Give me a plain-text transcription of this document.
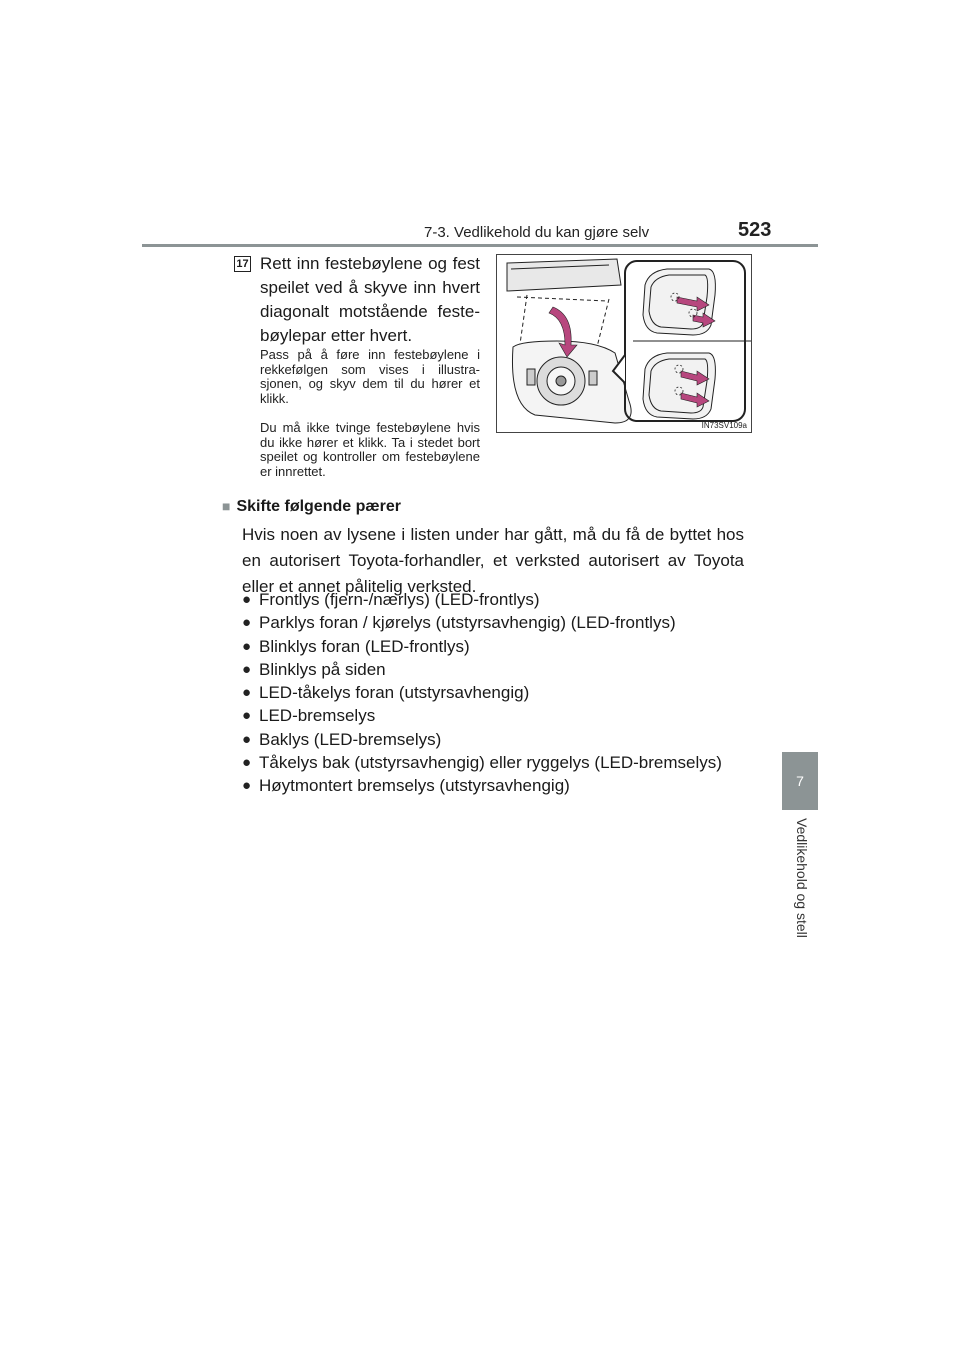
7-3. Vedlikehold du kan gjøre selv	523
7
Vedlikehold og stell
17 Rett inn festebøylene og fest speilet ved å skyve inn hvert diagonalt motstående feste-bøylepar etter hvert.
Pass på å føre inn festebøylene i rekkefølgen som vises i illustra-sjonen, og skyv dem til du hører et klikk.
Du må ikke tvinge festebøylene hvis du ikke hører et klikk. Ta i stedet bort speilet og kontroller om festebøylene er innrettet.
IN73SV109a
■ Skifte følgende pærer
Hvis noen av lysene i listen under har gått, må du få de byttet hos en autorisert Toyota-forhandler, et verksted autorisert av Toyota eller et annet pålitelig verksted.
● Frontlys (fjern-/nærlys) (LED-frontlys)
● Parklys foran / kjørelys (utstyrsavhengig) (LED-frontlys)
● Blinklys foran (LED-frontlys)
● Blinklys på siden
● LED-tåkelys foran (utstyrsavhengig)
● LED-bremselys
● Baklys (LED-bremselys)
● Tåkelys bak (utstyrsavhengig) eller ryggelys (LED-bremselys)
● Høytmontert bremselys (utstyrsavhengig)
